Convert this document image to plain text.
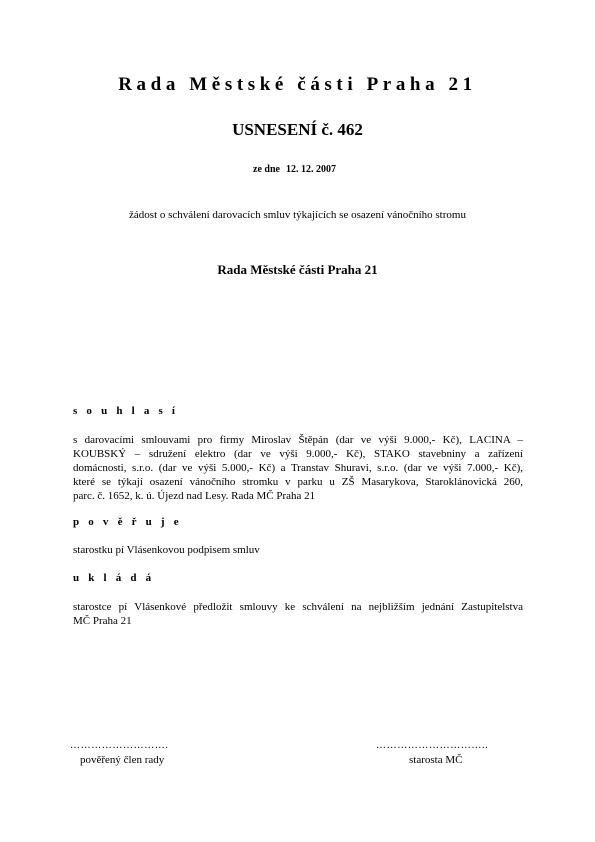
Rada Městské části Praha 21
USNESENÍ č. 462
ze dne 12. 12. 2007
žádost o schválení darovacích smluv týkajících se osazení vánočního stromu
Rada Městské části Praha 21
s o u h l a s í
s darovacími smlouvami pro firmy Miroslav Štěpán (dar ve výši 9.000,- Kč), LACINA –
KOUBSKÝ – sdružení elektro (dar ve výši 9.000,- Kč), STAKO stavebniny a zařízení
domácnosti, s.r.o. (dar ve výši 5.000,- Kč) a Transtav Shuravi, s.r.o. (dar ve výši 7.000,- Kč),
které se týkají osazení vánočního stromku v parku u ZŠ Masarykova, Staroklánovická 260,
parc. č. 1652, k. ú. Újezd nad Lesy. Rada MČ Praha 21
p o v ě ř u j e
starostku pí Vlásenkovou podpisem smluv
u k l á d á
starostce pí Vlásenkové předložit smlouvy ke schválení na nejbližším jednání Zastupitelstva
MČ Praha 21
……………………….
pověřený člen rady
…………………………..
starosta MČ
